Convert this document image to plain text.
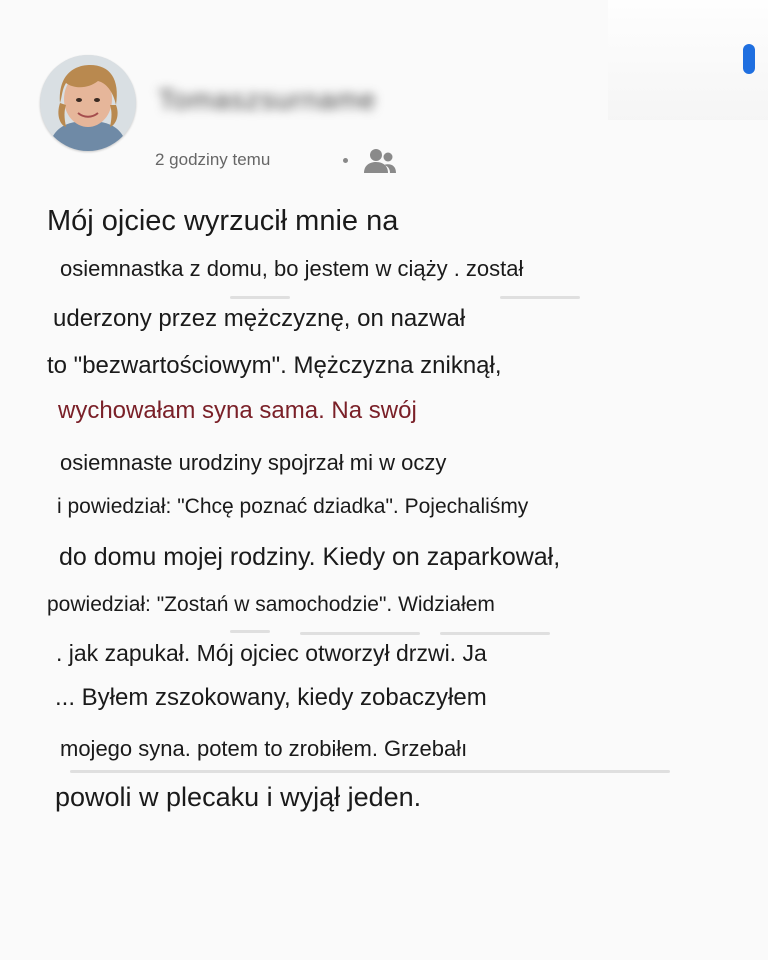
Tomaszsurname
2 godziny temu
Mój ojciec wyrzucił mnie na
osiemnastka z domu, bo jestem w ciąży . został
uderzony przez mężczyznę, on nazwał
to "bezwartościowym". Mężczyzna zniknął,
wychowałam syna sama. Na swój
osiemnaste urodziny spojrzał mi w oczy
i powiedział: "Chcę poznać dziadka". Pojechaliśmy
do domu mojej rodziny. Kiedy on zaparkował,
powiedział: "Zostań w samochodzie". Widziałem
. jak zapukał. Mój ojciec otworzył drzwi. Ja
... Byłem zszokowany, kiedy zobaczyłem
mojego syna. potem to zrobiłem. Grzebałı
powoli w plecaku i wyjął jeden.
